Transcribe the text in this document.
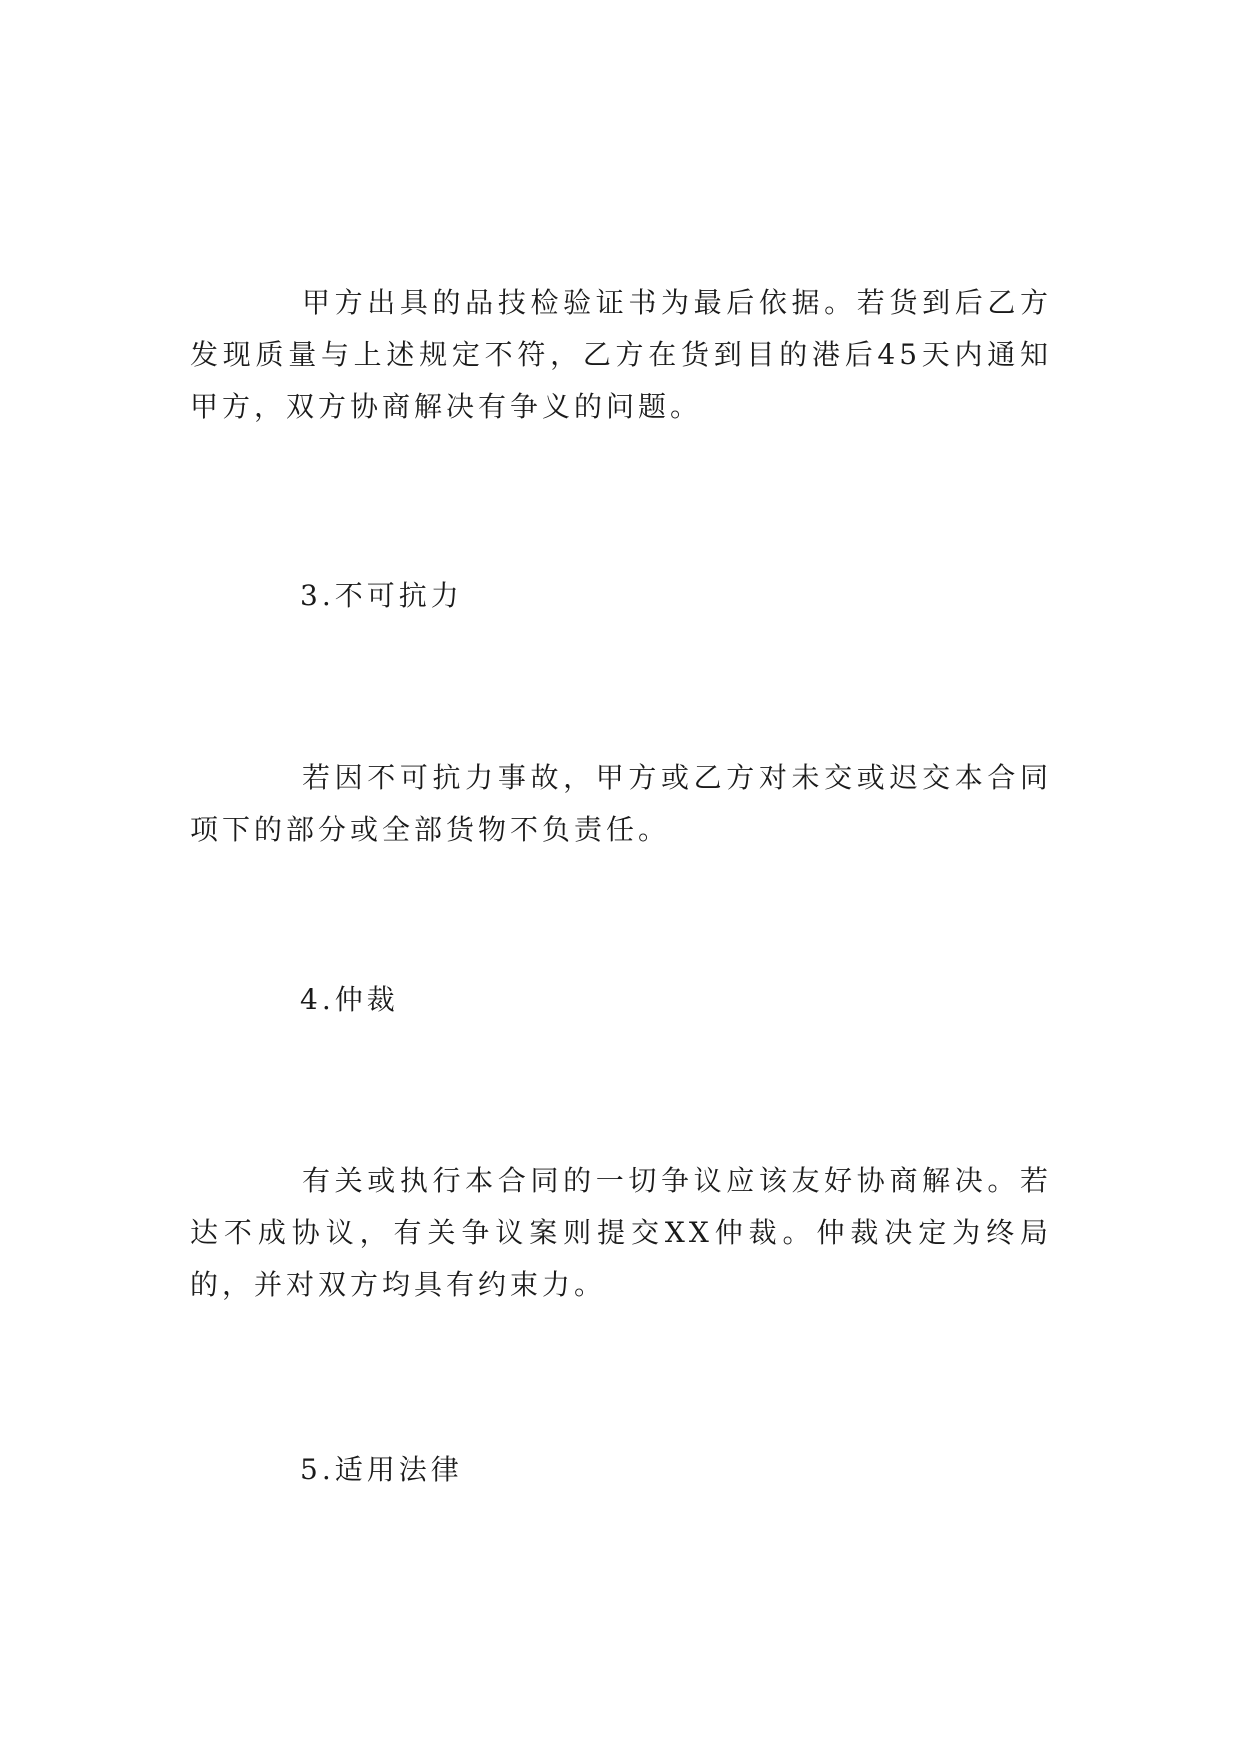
甲方出具的品技检验证书为最后依据。若货到后乙方发现质量与上述规定不符，乙方在货到目的港后45天内通知甲方，双方协商解决有争义的问题。

3.不可抗力

若因不可抗力事故，甲方或乙方对未交或迟交本合同项下的部分或全部货物不负责任。

4.仲裁

有关或执行本合同的一切争议应该友好协商解决。若达不成协议，有关争议案则提交XX仲裁。仲裁决定为终局的，并对双方均具有约束力。

5.适用法律
